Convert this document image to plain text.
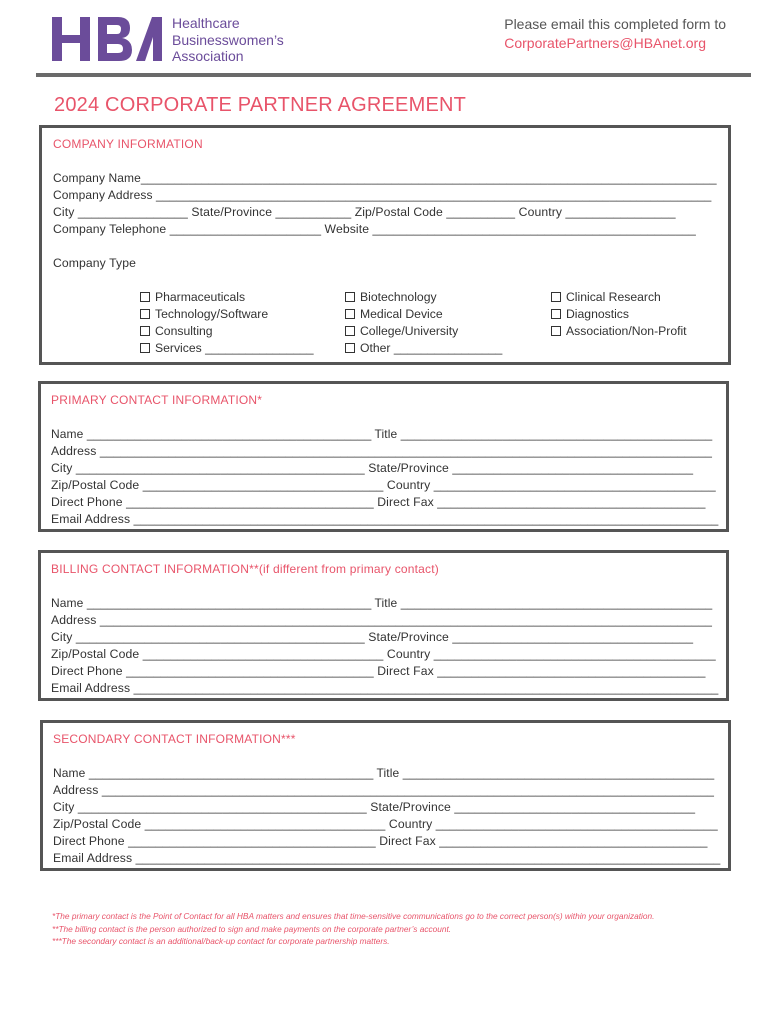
Healthcare
Businesswomen’s
Association
Please email this completed form to
CorporatePartners@HBAnet.org
2024 CORPORATE PARTNER AGREEMENT
COMPANY INFORMATION
Company Name_____________________________________________________________________________________
Company Address __________________________________________________________________________________
City ________________ State/Province ___________ Zip/Postal Code __________ Country ________________
Company Telephone ______________________ Website _______________________________________________
Company Type
Pharmaceuticals
Technology/Software
Consulting
Services ________________
Biotechnology
Medical Device
College/University
Other ________________
Clinical Research
Diagnostics
Association/Non-Profit
PRIMARY CONTACT INFORMATION*
Name __________________________________________ Title ______________________________________________
Address _________________________________________________________________________________________
City __________________________________________ State/Province ___________________________________
Zip/Postal Code ___________________________________ Country _________________________________________
Direct Phone ____________________________________ Direct Fax _______________________________________
Email Address _____________________________________________________________________________________
BILLING CONTACT INFORMATION**(if different from primary contact)
Name __________________________________________ Title ______________________________________________
Address _________________________________________________________________________________________
City __________________________________________ State/Province ___________________________________
Zip/Postal Code ___________________________________ Country _________________________________________
Direct Phone ____________________________________ Direct Fax _______________________________________
Email Address _____________________________________________________________________________________
SECONDARY CONTACT INFORMATION***
Name __________________________________________ Title ______________________________________________
Address _________________________________________________________________________________________
City __________________________________________ State/Province ___________________________________
Zip/Postal Code ___________________________________ Country _________________________________________
Direct Phone ____________________________________ Direct Fax _______________________________________
Email Address _____________________________________________________________________________________
*The primary contact is the Point of Contact for all HBA matters and ensures that time-sensitive communications go to the correct person(s) within your organization.
**The billing contact is the person authorized to sign and make payments on the corporate partner’s account.
***The secondary contact is an additional/back-up contact for corporate partnership matters.
